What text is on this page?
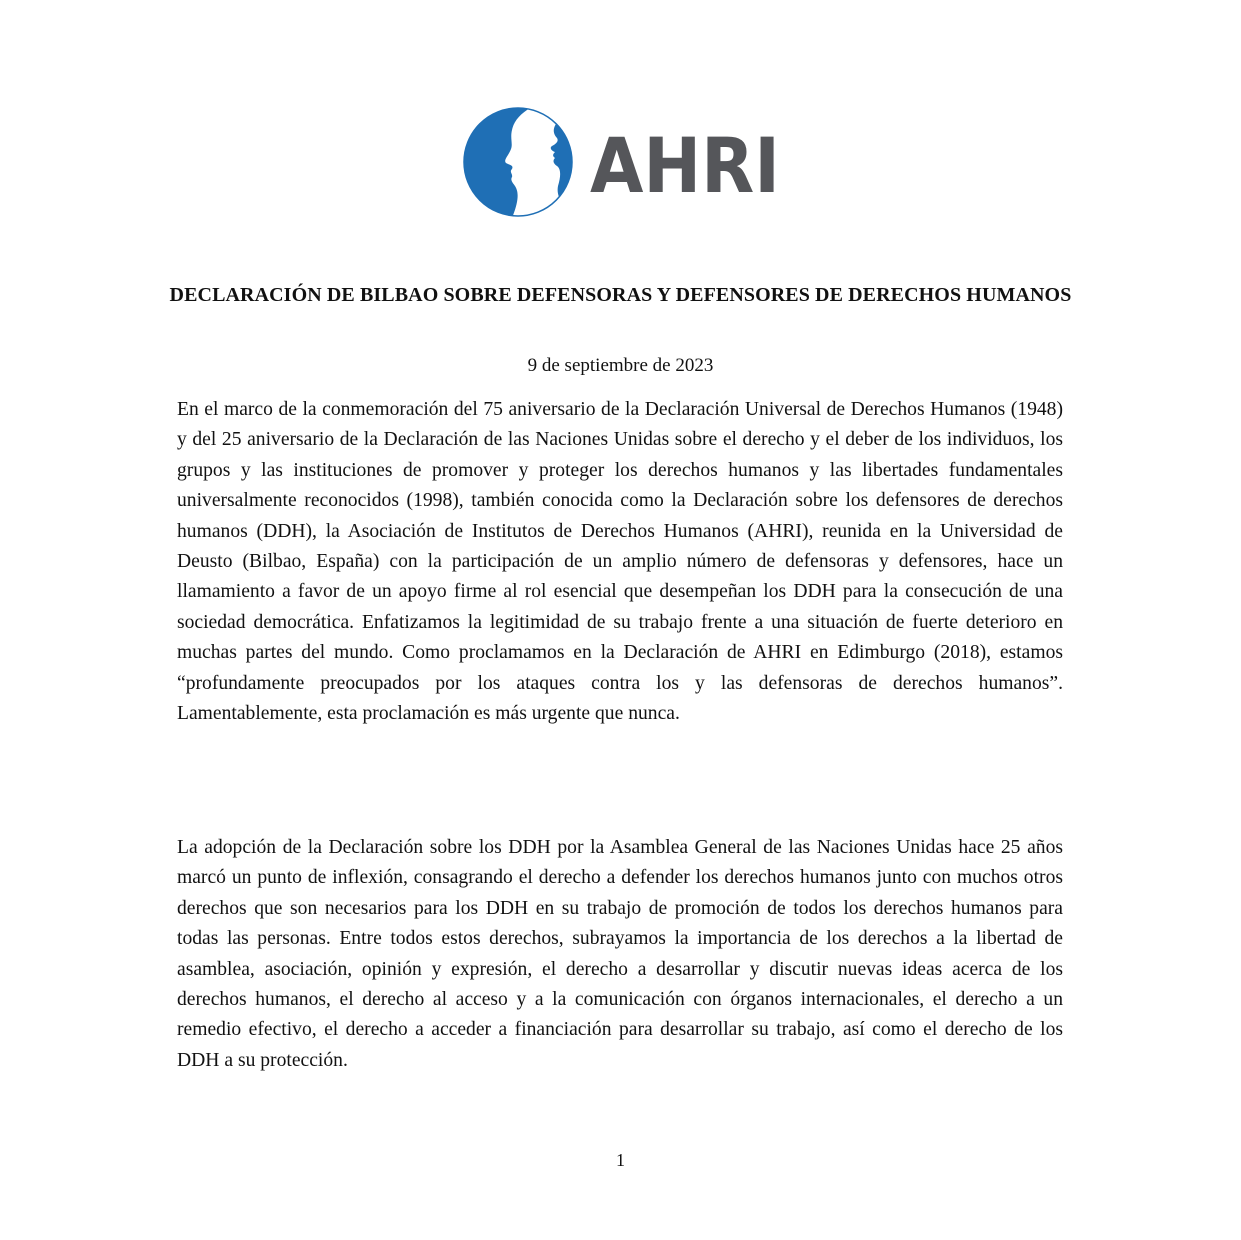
AHRI
DECLARACIÓN DE BILBAO SOBRE DEFENSORAS Y DEFENSORES DE DERECHOS HUMANOS
9 de septiembre de 2023

En el marco de la conmemoración del 75 aniversario de la Declaración Universal de Derechos Humanos (1948) y del 25 aniversario de la Declaración de las Naciones Unidas sobre el derecho y el deber de los individuos, los grupos y las instituciones de promover y proteger los derechos humanos y las libertades fundamentales universalmente reconocidos (1998), también conocida como la Declaración sobre los defensores de derechos humanos (DDH), la Asociación de Institutos de Derechos Humanos (AHRI), reunida en la Universidad de Deusto (Bilbao, España) con la participación de un amplio número de defensoras y defensores, hace un llamamiento a favor de un apoyo firme al rol esencial que desempeñan los DDH para la consecución de una sociedad democrática. Enfatizamos la legitimidad de su trabajo frente a una situación de fuerte deterioro en muchas partes del mundo. Como proclamamos en la Declaración de AHRI en Edimburgo (2018), estamos “profundamente preocupados por los ataques contra los y las defensoras de derechos humanos”. Lamentablemente, esta proclamación es más urgente que nunca.

La adopción de la Declaración sobre los DDH por la Asamblea General de las Naciones Unidas hace 25 años marcó un punto de inflexión, consagrando el derecho a defender los derechos humanos junto con muchos otros derechos que son necesarios para los DDH en su trabajo de promoción de todos los derechos humanos para todas las personas. Entre todos estos derechos, subrayamos la importancia de los derechos a la libertad de asamblea, asociación, opinión y expresión, el derecho a desarrollar y discutir nuevas ideas acerca de los derechos humanos, el derecho al acceso y a la comunicación con órganos internacionales, el derecho a un remedio efectivo, el derecho a acceder a financiación para desarrollar su trabajo, así como el derecho de los DDH a su protección.

1
